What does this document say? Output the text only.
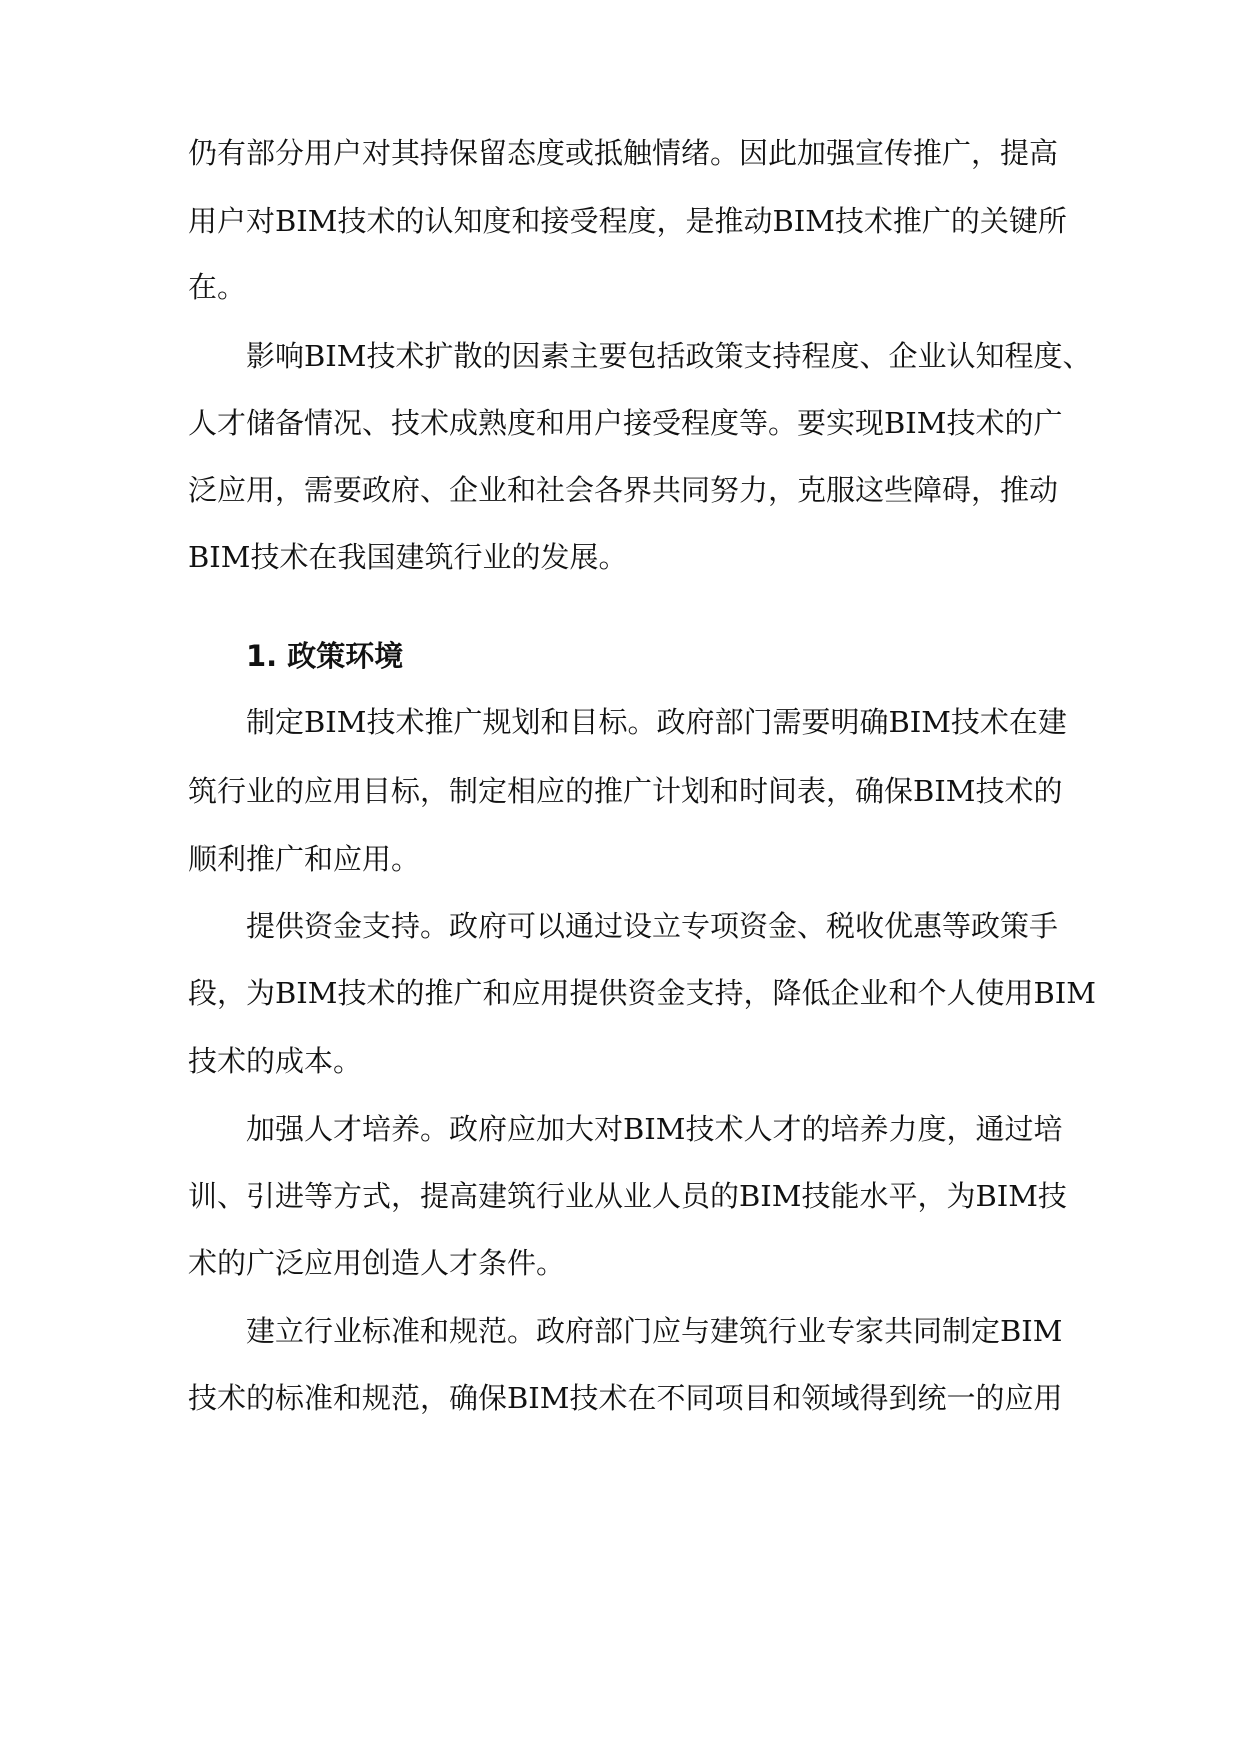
仍有部分用户对其持保留态度或抵触情绪。因此加强宣传推广，提高
用户对BIM技术的认知度和接受程度，是推动BIM技术推广的关键所
在。
影响BIM技术扩散的因素主要包括政策支持程度、企业认知程度、
人才储备情况、技术成熟度和用户接受程度等。要实现BIM技术的广
泛应用，需要政府、企业和社会各界共同努力，克服这些障碍，推动
BIM技术在我国建筑行业的发展。
1. 政策环境
制定BIM技术推广规划和目标。政府部门需要明确BIM技术在建
筑行业的应用目标，制定相应的推广计划和时间表，确保BIM技术的
顺利推广和应用。
提供资金支持。政府可以通过设立专项资金、税收优惠等政策手
段，为BIM技术的推广和应用提供资金支持，降低企业和个人使用BIM
技术的成本。
加强人才培养。政府应加大对BIM技术人才的培养力度，通过培
训、引进等方式，提高建筑行业从业人员的BIM技能水平，为BIM技
术的广泛应用创造人才条件。
建立行业标准和规范。政府部门应与建筑行业专家共同制定BIM
技术的标准和规范，确保BIM技术在不同项目和领域得到统一的应用
